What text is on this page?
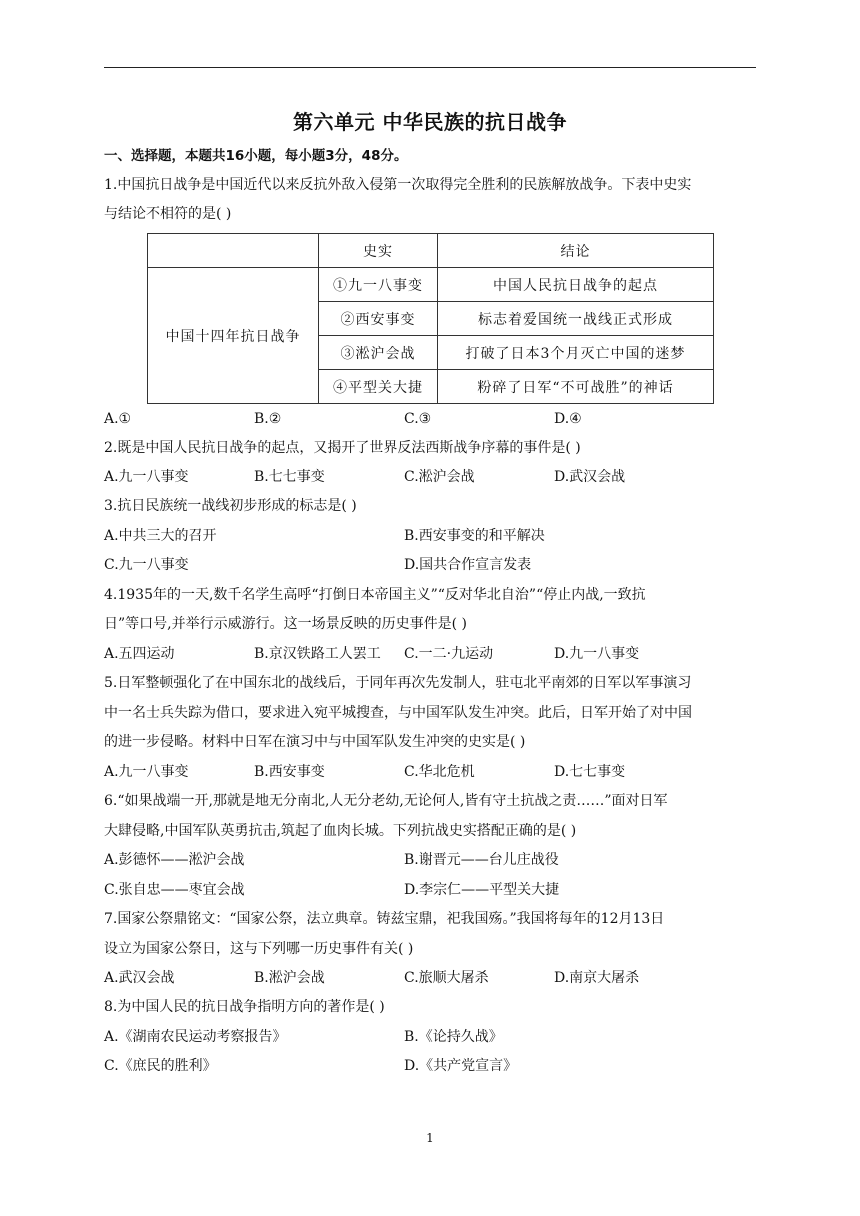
第六单元 中华民族的抗日战争
一、选择题，本题共16小题，每小题3分，48分。
1.中国抗日战争是中国近代以来反抗外敌入侵第一次取得完全胜利的民族解放战争。下表中史实
与结论不相符的是( )
	史实	结论
中国十四年抗日战争	①九一八事变	中国人民抗日战争的起点
	②西安事变	标志着爱国统一战线正式形成
	③淞沪会战	打破了日本3个月灭亡中国的迷梦
	④平型关大捷	粉碎了日军“不可战胜”的神话
A.①	B.②	C.③	D.④
2.既是中国人民抗日战争的起点，又揭开了世界反法西斯战争序幕的事件是( )
A.九一八事变	B.七七事变	C.淞沪会战	D.武汉会战
3.抗日民族统一战线初步形成的标志是( )
A.中共三大的召开	B.西安事变的和平解决
C.九一八事变	D.国共合作宣言发表
4.1935年的一天,数千名学生高呼“打倒日本帝国主义”“反对华北自治”“停止内战,一致抗
日”等口号,并举行示威游行。这一场景反映的历史事件是( )
A.五四运动	B.京汉铁路工人罢工 C.一二·九运动	D.九一八事变
5.日军整顿强化了在中国东北的战线后，于同年再次先发制人，驻屯北平南郊的日军以军事演习
中一名士兵失踪为借口，要求进入宛平城搜查，与中国军队发生冲突。此后，日军开始了对中国
的进一步侵略。材料中日军在演习中与中国军队发生冲突的史实是( )
A.九一八事变	B.西安事变	C.华北危机	D.七七事变
6.“如果战端一开,那就是地无分南北,人无分老幼,无论何人,皆有守土抗战之责……”面对日军
大肆侵略,中国军队英勇抗击,筑起了血肉长城。下列抗战史实搭配正确的是( )
A.彭德怀——淞沪会战	B.谢晋元——台儿庄战役
C.张自忠——枣宜会战	D.李宗仁——平型关大捷
7.国家公祭鼎铭文：“国家公祭，法立典章。铸兹宝鼎，祀我国殇。”我国将每年的12月13日
设立为国家公祭日，这与下列哪一历史事件有关( )
A.武汉会战	B.淞沪会战	C.旅顺大屠杀	D.南京大屠杀
8.为中国人民的抗日战争指明方向的著作是( )
A.《湖南农民运动考察报告》	B.《论持久战》
C.《庶民的胜利》	D.《共产党宣言》
1
